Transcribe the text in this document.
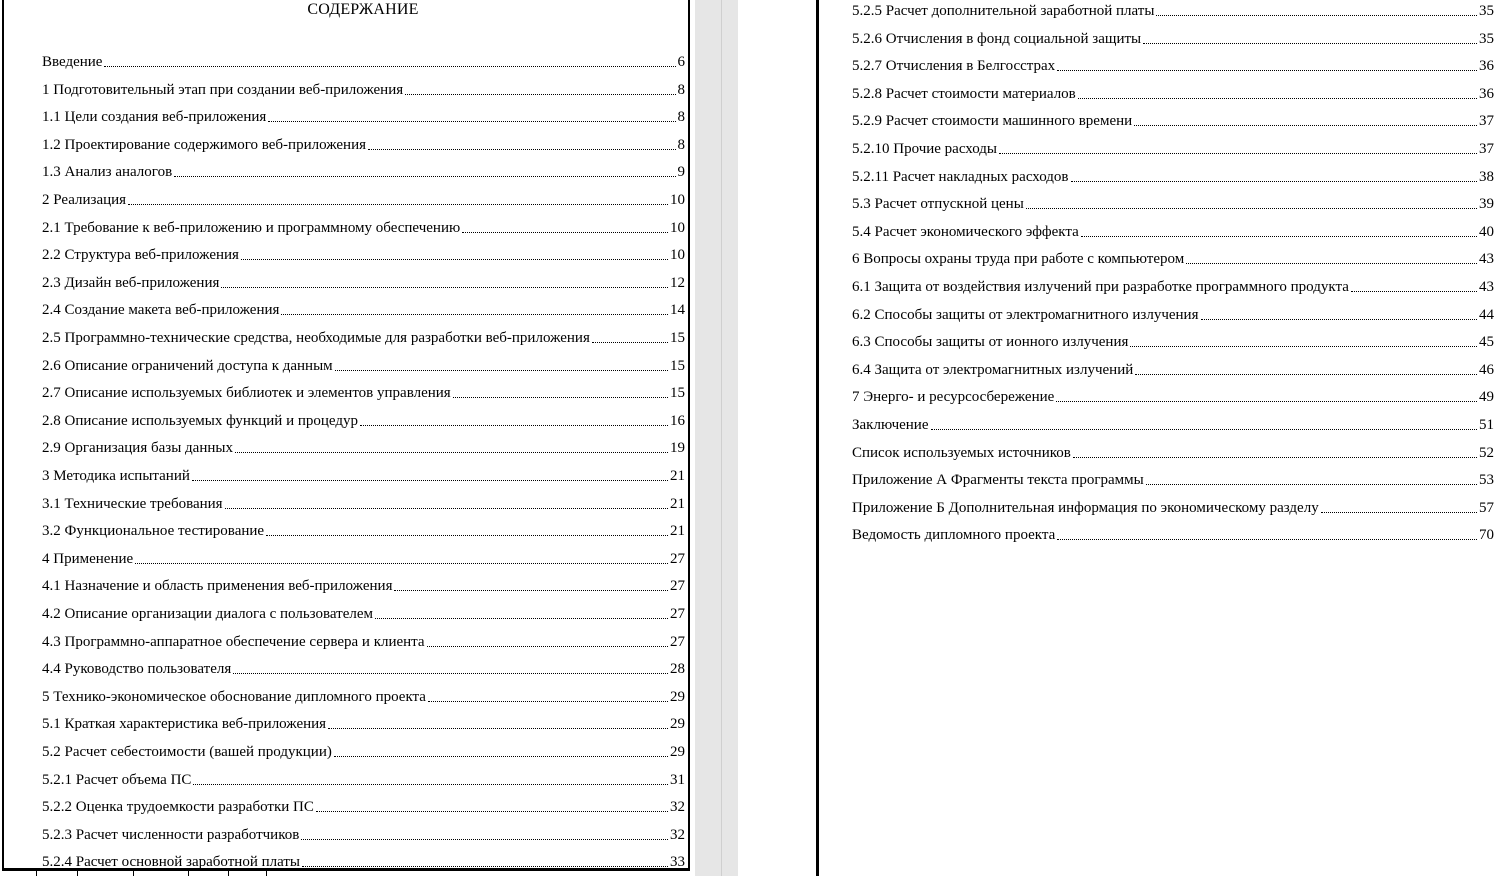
СОДЕРЖАНИЕ
Введение	6
1 Подготовительный этап при создании веб-приложения	8
1.1 Цели создания веб-приложения	8
1.2 Проектирование содержимого веб-приложения	8
1.3 Анализ аналогов	9
2 Реализация	10
2.1 Требование к веб-приложению и программному обеспечению	10
2.2 Структура веб-приложения	10
2.3 Дизайн веб-приложения	12
2.4 Создание макета веб-приложения	14
2.5 Программно-технические средства, необходимые для разработки веб-приложения	15
2.6 Описание ограничений доступа к данным	15
2.7 Описание используемых библиотек и элементов управления	15
2.8 Описание используемых функций и процедур	16
2.9 Организация базы данных	19
3 Методика испытаний	21
3.1 Технические требования	21
3.2 Функциональное тестирование	21
4 Применение	27
4.1 Назначение и область применения веб-приложения	27
4.2 Описание организации диалога с пользователем	27
4.3 Программно-аппаратное обеспечение сервера и клиента	27
4.4 Руководство пользователя	28
5 Технико-экономическое обоснование дипломного проекта	29
5.1 Краткая характеристика веб-приложения	29
5.2 Расчет себестоимости (вашей продукции)	29
5.2.1 Расчет объема ПС	31
5.2.2 Оценка трудоемкости разработки ПС	32
5.2.3 Расчет численности разработчиков	32
5.2.4 Расчет основной заработной платы	33
5.2.5 Расчет дополнительной заработной платы	35
5.2.6 Отчисления в фонд социальной защиты	35
5.2.7 Отчисления в Белгосстрах	36
5.2.8 Расчет стоимости материалов	36
5.2.9 Расчет стоимости машинного времени	37
5.2.10 Прочие расходы	37
5.2.11 Расчет накладных расходов	38
5.3 Расчет отпускной цены	39
5.4 Расчет экономического эффекта	40
6 Вопросы охраны труда при работе с компьютером	43
6.1 Защита от воздействия излучений при разработке программного продукта	43
6.2 Способы защиты от электромагнитного излучения	44
6.3 Способы защиты от ионного излучения	45
6.4 Защита от электромагнитных излучений	46
7 Энерго- и ресурсосбережение	49
Заключение	51
Список используемых источников	52
Приложение А Фрагменты текста программы	53
Приложение Б Дополнительная информация по экономическому разделу	57
Ведомость дипломного проекта	70
